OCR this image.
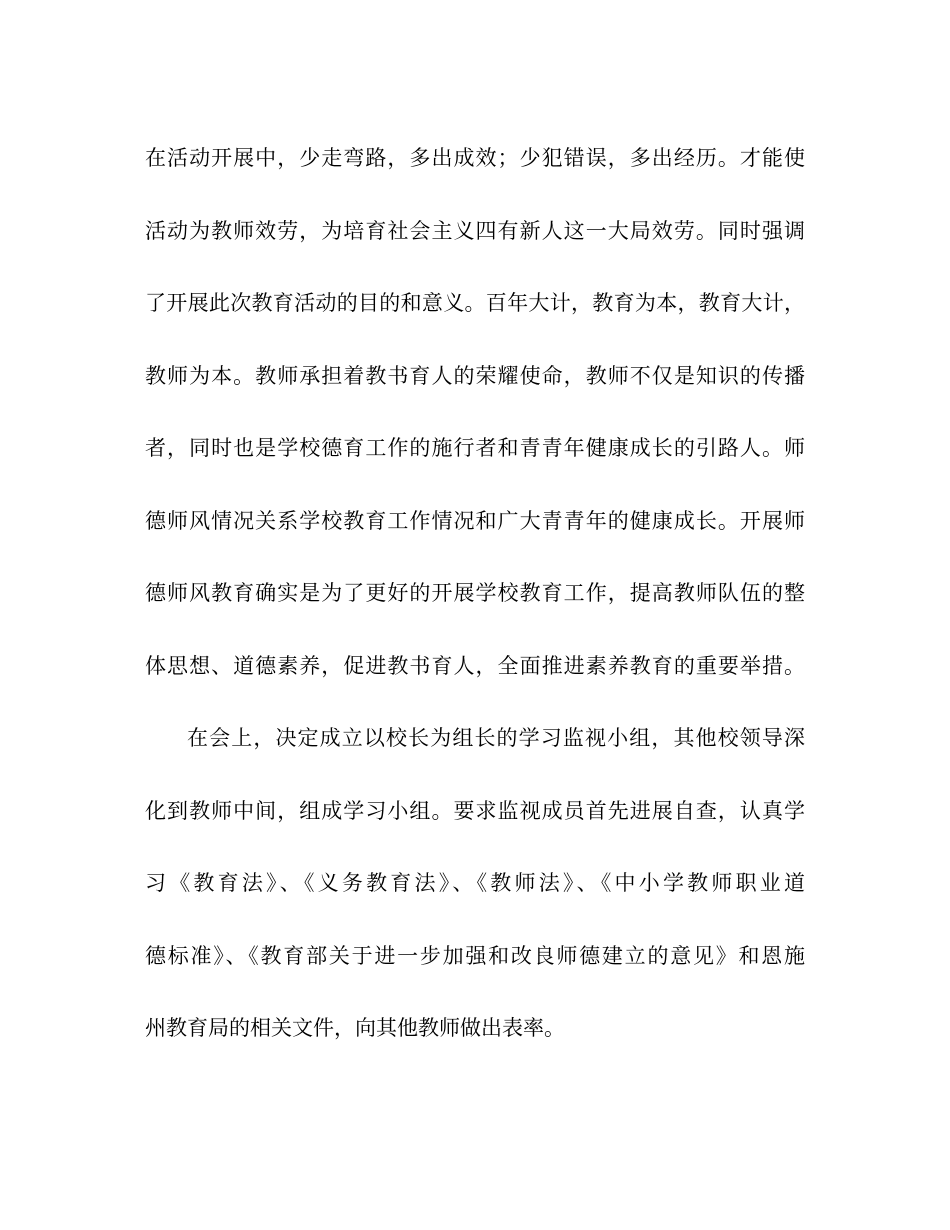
在活动开展中，少走弯路，多出成效；少犯错误，多出经历。才能使
活动为教师效劳，为培育社会主义四有新人这一大局效劳。同时强调
了开展此次教育活动的目的和意义。百年大计，教育为本，教育大计，
教师为本。教师承担着教书育人的荣耀使命，教师不仅是知识的传播
者，同时也是学校德育工作的施行者和青青年健康成长的引路人。师
德师风情况关系学校教育工作情况和广大青青年的健康成长。开展师
德师风教育确实是为了更好的开展学校教育工作，提高教师队伍的整
体思想、道德素养，促进教书育人，全面推进素养教育的重要举措。
在会上，决定成立以校长为组长的学习监视小组，其他校领导深
化到教师中间，组成学习小组。要求监视成员首先进展自查，认真学
习《教育法》、《义务教育法》、《教师法》、《中小学教师职业道
德标准》、《教育部关于进一步加强和改良师德建立的意见》和恩施
州教育局的相关文件，向其他教师做出表率。
